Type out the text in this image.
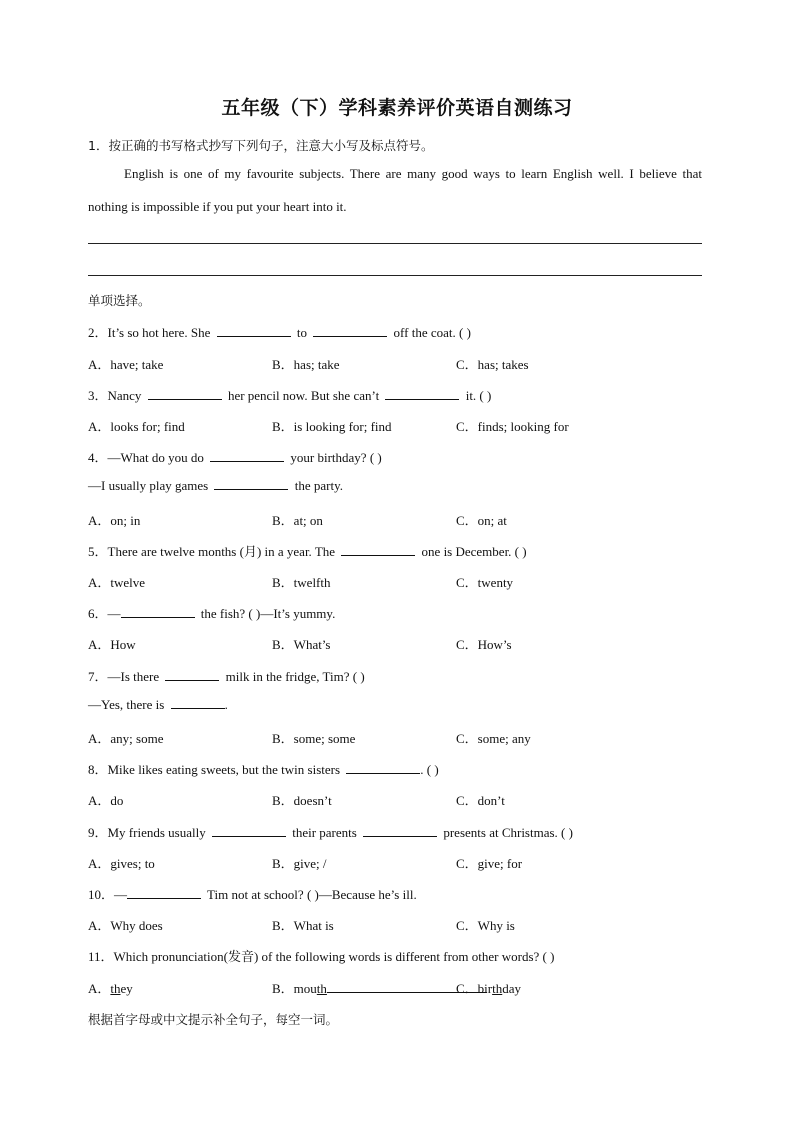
五年级（下）学科素养评价英语自测练习
1．按正确的书写格式抄写下列句子，注意大小写及标点符号。
English is one of my favourite subjects. There are many good ways to learn English well. I believe that
nothing is impossible if you put your heart into it.
单项选择。
2．It’s so hot here. She	to	off the coat. ( )
A．have; take	B．has; take	C．has; takes
3．Nancy	her pencil now. But she can’t	it. ( )
A．looks for; find	B．is looking for; find	C．finds; looking for
4．—What do you do	your birthday? ( )
—I usually play games	the party.
A．on; in	B．at; on	C．on; at
5．There are twelve months (月) in a year. The	one is December. ( )
A．twelve	B．twelfth	C．twenty
6．—	the fish? ( )—It’s yummy.
A．How	B．What’s	C．How’s
7．—Is there	milk in the fridge, Tim? ( )
—Yes, there is	.
A．any; some	B．some; some	C．some; any
8．Mike likes eating sweets, but the twin sisters	. ( )
A．do	B．doesn’t	C．don’t
9．My friends usually	their parents	presents at Christmas. ( )
A．gives; to	B．give; /	C．give; for
10．—	Tim not at school? ( )—Because he’s ill.
A．Why does	B．What is	C．Why is
11．Which pronunciation(发音) of the following words is different from other words? ( )
A．they	B．mouth	C．birthday
根据首字母或中文提示补全句子，每空一词。
